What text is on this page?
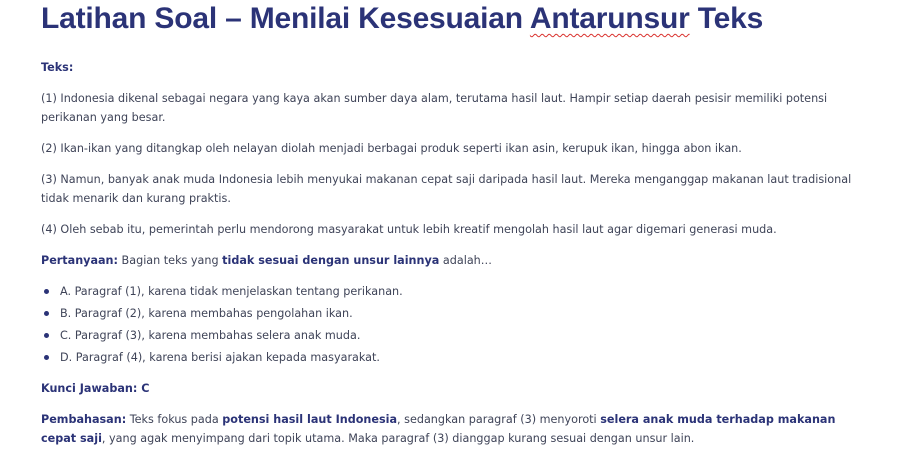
Latihan Soal – Menilai Kesesuaian Antarunsur Teks

Teks:

(1) Indonesia dikenal sebagai negara yang kaya akan sumber daya alam, terutama hasil laut. Hampir setiap daerah pesisir memiliki potensi perikanan yang besar.

(2) Ikan-ikan yang ditangkap oleh nelayan diolah menjadi berbagai produk seperti ikan asin, kerupuk ikan, hingga abon ikan.

(3) Namun, banyak anak muda Indonesia lebih menyukai makanan cepat saji daripada hasil laut. Mereka menganggap makanan laut tradisional tidak menarik dan kurang praktis.

(4) Oleh sebab itu, pemerintah perlu mendorong masyarakat untuk lebih kreatif mengolah hasil laut agar digemari generasi muda.

Pertanyaan: Bagian teks yang tidak sesuai dengan unsur lainnya adalah…

A. Paragraf (1), karena tidak menjelaskan tentang perikanan.
B. Paragraf (2), karena membahas pengolahan ikan.
C. Paragraf (3), karena membahas selera anak muda.
D. Paragraf (4), karena berisi ajakan kepada masyarakat.

Kunci Jawaban: C

Pembahasan: Teks fokus pada potensi hasil laut Indonesia, sedangkan paragraf (3) menyoroti selera anak muda terhadap makanan cepat saji, yang agak menyimpang dari topik utama. Maka paragraf (3) dianggap kurang sesuai dengan unsur lain.
